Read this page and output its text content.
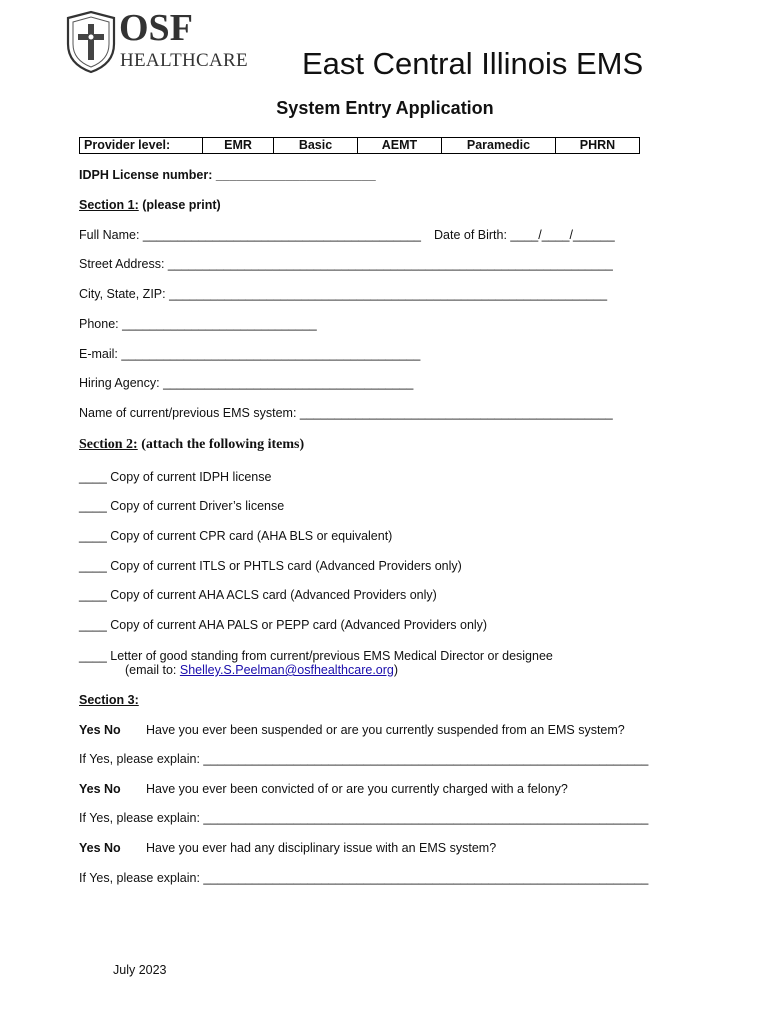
OSF
HEALTHCARE East Central Illinois EMS
System Entry Application
Provider level:	EMR	Basic	AEMT	Paramedic	PHRN
IDPH License number: _______________________
Section 1: (please print)
Full Name: ________________________________________ Date of Birth: ____/____/______
Street Address: ________________________________________________________________
City, State, ZIP: _______________________________________________________________
Phone: ____________________________
E-mail: ___________________________________________
Hiring Agency: ____________________________________
Name of current/previous EMS system: _____________________________________________
Section 2: (attach the following items)
____ Copy of current IDPH license
____ Copy of current Driver’s license
____ Copy of current CPR card (AHA BLS or equivalent)
____ Copy of current ITLS or PHTLS card (Advanced Providers only)
____ Copy of current AHA ACLS card (Advanced Providers only)
____ Copy of current AHA PALS or PEPP card (Advanced Providers only)
____ Letter of good standing from current/previous EMS Medical Director or designee
(email to: Shelley.S.Peelman@osfhealthcare.org)
Section 3:
Yes No Have you ever been suspended or are you currently suspended from an EMS system?
If Yes, please explain: ________________________________________________________________
Yes No Have you ever been convicted of or are you currently charged with a felony?
If Yes, please explain: ________________________________________________________________
Yes No Have you ever had any disciplinary issue with an EMS system?
If Yes, please explain: ________________________________________________________________
July 2023
